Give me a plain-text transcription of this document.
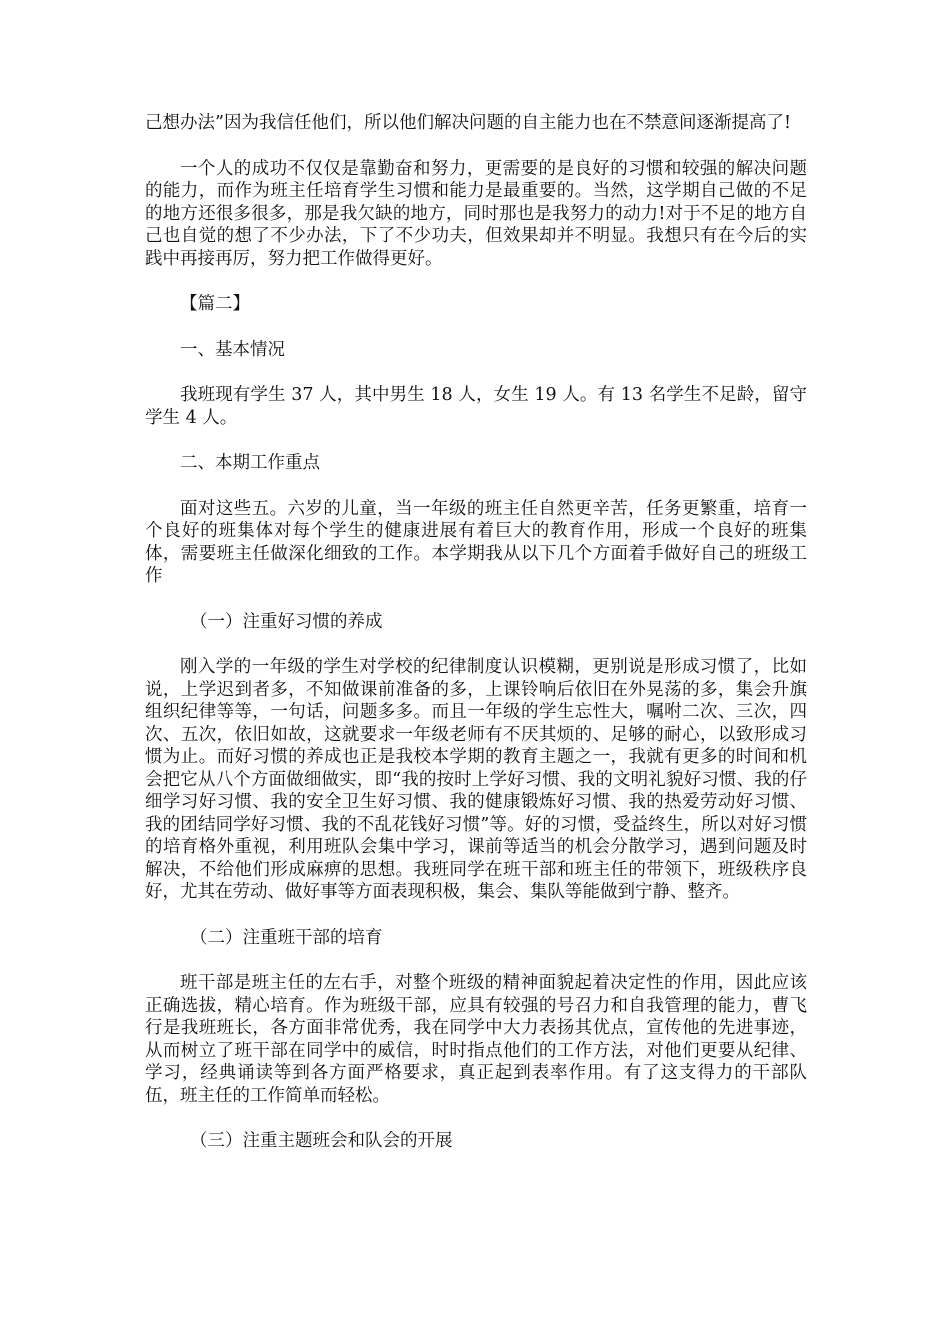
己想办法”因为我信任他们，所以他们解决问题的自主能力也在不禁意间逐渐提高了!

一个人的成功不仅仅是靠勤奋和努力，更需要的是良好的习惯和较强的解决问题的能力，而作为班主任培育学生习惯和能力是最重要的。当然，这学期自己做的不足的地方还很多很多，那是我欠缺的地方，同时那也是我努力的动力!对于不足的地方自己也自觉的想了不少办法，下了不少功夫，但效果却并不明显。我想只有在今后的实践中再接再厉，努力把工作做得更好。

【篇二】

一、基本情况

我班现有学生 37 人，其中男生 18 人，女生 19 人。有 13 名学生不足龄，留守学生 4 人。

二、本期工作重点

面对这些五。六岁的儿童，当一年级的班主任自然更辛苦，任务更繁重，培育一个良好的班集体对每个学生的健康进展有着巨大的教育作用，形成一个良好的班集体，需要班主任做深化细致的工作。本学期我从以下几个方面着手做好自己的班级工作

（一）注重好习惯的养成

刚入学的一年级的学生对学校的纪律制度认识模糊，更别说是形成习惯了，比如说，上学迟到者多，不知做课前准备的多，上课铃响后依旧在外晃荡的多，集会升旗组织纪律等等，一句话，问题多多。而且一年级的学生忘性大，嘱咐二次、三次，四次、五次，依旧如故，这就要求一年级老师有不厌其烦的、足够的耐心，以致形成习惯为止。而好习惯的养成也正是我校本学期的教育主题之一，我就有更多的时间和机会把它从八个方面做细做实，即“我的按时上学好习惯、我的文明礼貌好习惯、我的仔细学习好习惯、我的安全卫生好习惯、我的健康锻炼好习惯、我的热爱劳动好习惯、我的团结同学好习惯、我的不乱花钱好习惯”等。好的习惯，受益终生，所以对好习惯的培育格外重视，利用班队会集中学习，课前等适当的机会分散学习，遇到问题及时解决，不给他们形成麻痹的思想。我班同学在班干部和班主任的带领下，班级秩序良好，尤其在劳动、做好事等方面表现积极，集会、集队等能做到宁静、整齐。

（二）注重班干部的培育

班干部是班主任的左右手，对整个班级的精神面貌起着决定性的作用，因此应该正确选拔，精心培育。作为班级干部，应具有较强的号召力和自我管理的能力，曹飞行是我班班长，各方面非常优秀，我在同学中大力表扬其优点，宣传他的先进事迹，从而树立了班干部在同学中的威信，时时指点他们的工作方法，对他们更要从纪律、学习，经典诵读等到各方面严格要求，真正起到表率作用。有了这支得力的干部队伍，班主任的工作简单而轻松。

（三）注重主题班会和队会的开展
